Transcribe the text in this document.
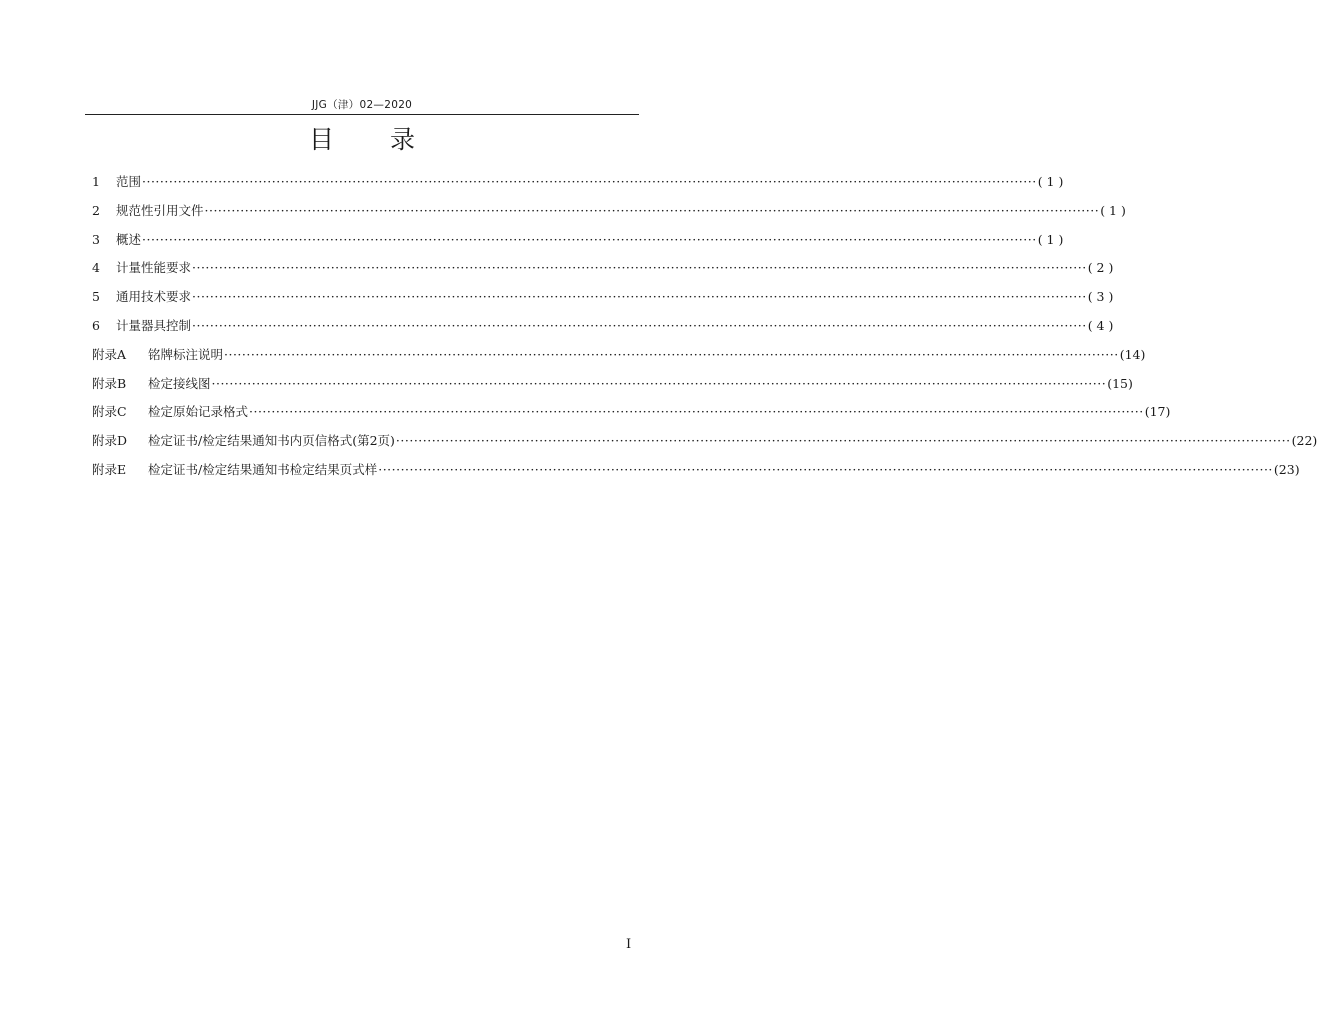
JJG（津）02—2020
目录
1	范围 ········································································································································································································ ( 1 )
2	规范性引用文件 ········································································································································································································ ( 1 )
3	概述 ········································································································································································································ ( 1 )
4	计量性能要求 ········································································································································································································ ( 2 )
5	通用技术要求 ········································································································································································································ ( 3 )
6	计量器具控制 ········································································································································································································ ( 4 )
附录A	铭牌标注说明 ········································································································································································································ (14)
附录B	检定接线图 ········································································································································································································ (15)
附录C	检定原始记录格式 ········································································································································································································ (17)
附录D	检定证书/检定结果通知书内页信格式(第2页) ········································································································································································································ (22)
附录E	检定证书/检定结果通知书检定结果页式样 ········································································································································································································ (23)
I
